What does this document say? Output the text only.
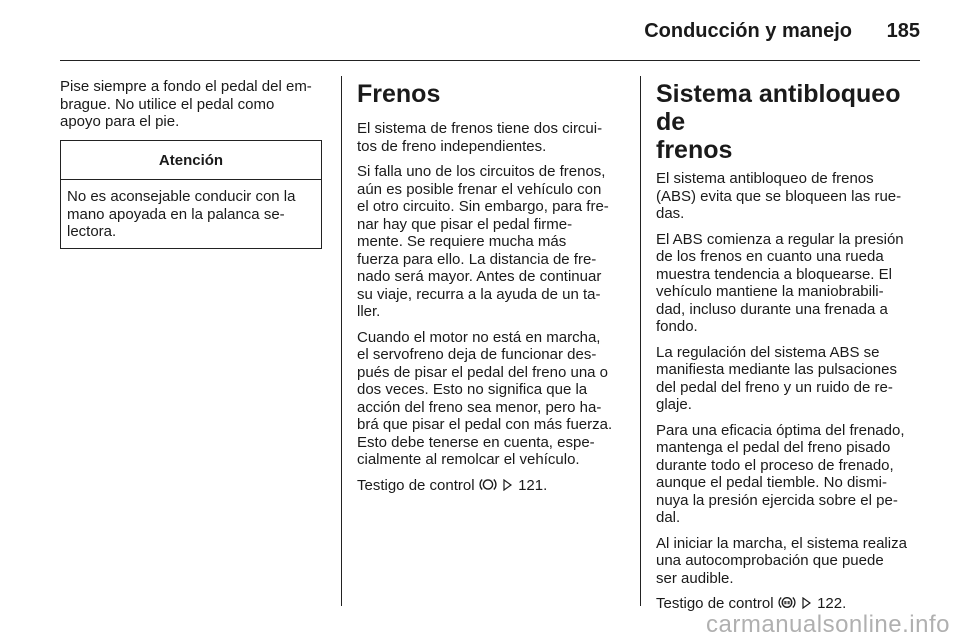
Conducción y manejo 185

Pise siempre a fondo el pedal del em-
brague. No utilice el pedal como
apoyo para el pie.

Atención
No es aconsejable conducir con la
mano apoyada en la palanca se-
lectora.
Frenos

El sistema de frenos tiene dos circui-
tos de freno independientes.

Si falla uno de los circuitos de frenos,
aún es posible frenar el vehículo con
el otro circuito. Sin embargo, para fre-
nar hay que pisar el pedal firme-
mente. Se requiere mucha más
fuerza para ello. La distancia de fre-
nado será mayor. Antes de continuar
su viaje, recurra a la ayuda de un ta-
ller.

Cuando el motor no está en marcha,
el servofreno deja de funcionar des-
pués de pisar el pedal del freno una o
dos veces. Esto no significa que la
acción del freno sea menor, pero ha-
brá que pisar el pedal con más fuerza.
Esto debe tenerse en cuenta, espe-
cialmente al remolcar el vehículo.

Testigo de control	121.

Sistema antibloqueo de
frenos

El sistema antibloqueo de frenos
(ABS) evita que se bloqueen las rue-
das.

El ABS comienza a regular la presión
de los frenos en cuanto una rueda
muestra tendencia a bloquearse. El
vehículo mantiene la maniobrabili-
dad, incluso durante una frenada a
fondo.

La regulación del sistema ABS se
manifiesta mediante las pulsaciones
del pedal del freno y un ruido de re-
glaje.

Para una eficacia óptima del frenado,
mantenga el pedal del freno pisado
durante todo el proceso de frenado,
aunque el pedal tiemble. No dismi-
nuya la presión ejercida sobre el pe-
dal.

Al iniciar la marcha, el sistema realiza
una autocomprobación que puede
ser audible.

Testigo de control	122.

carmanualsonline.info
